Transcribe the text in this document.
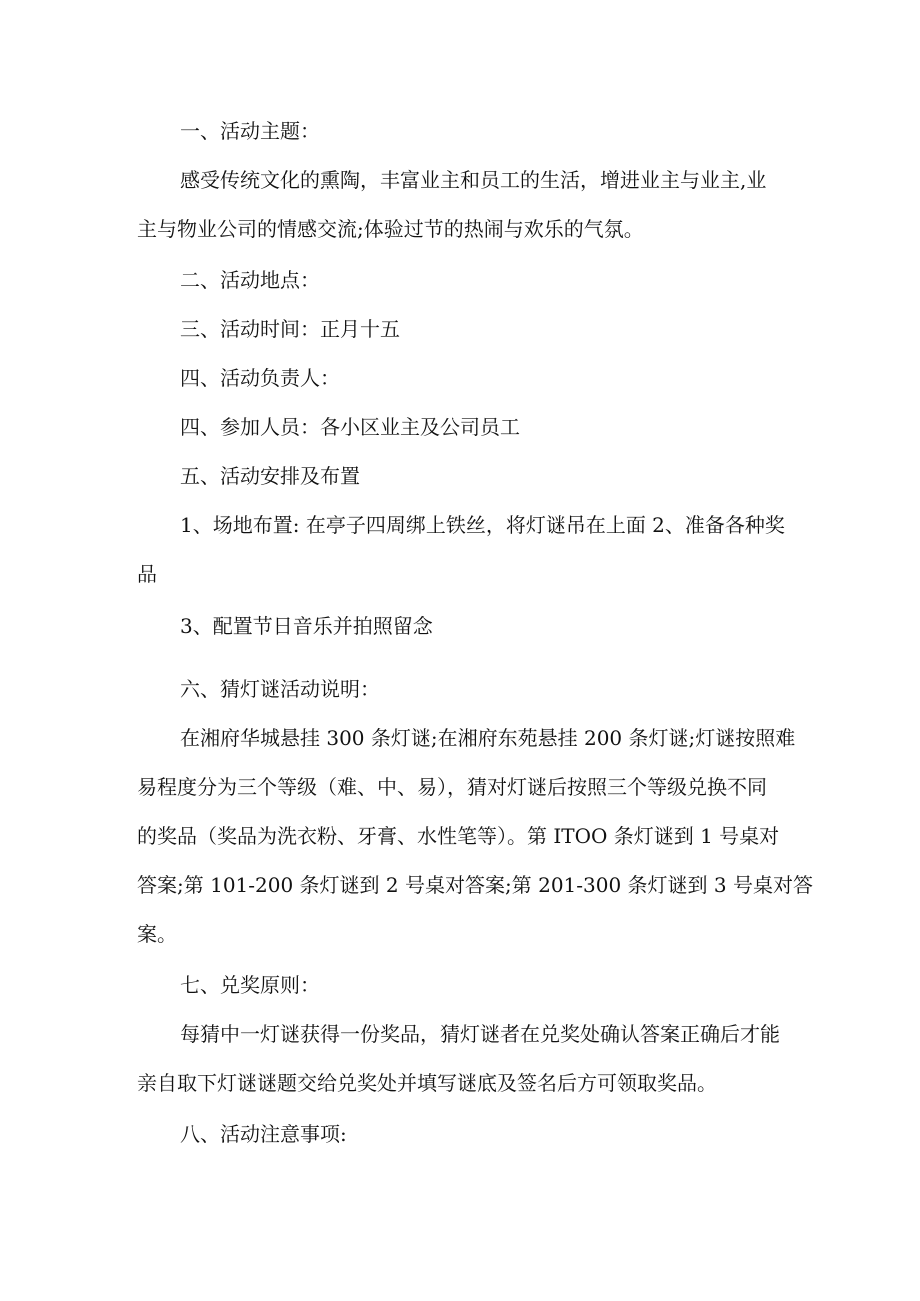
一、活动主题：
感受传统文化的熏陶，丰富业主和员工的生活，增进业主与业主,业
主与物业公司的情感交流;体验过节的热闹与欢乐的气氛。
二、活动地点：
三、活动时间：正月十五
四、活动负责人：
四、参加人员：各小区业主及公司员工
五、活动安排及布置
1、场地布置: 在亭子四周绑上铁丝，将灯谜吊在上面 2、准备各种奖
品
3、配置节日音乐并拍照留念
六、猜灯谜活动说明：
在湘府华城悬挂 300 条灯谜;在湘府东苑悬挂 200 条灯谜;灯谜按照难
易程度分为三个等级（难、中、易），猜对灯谜后按照三个等级兑换不同
的奖品（奖品为洗衣粉、牙膏、水性笔等）。第 ITOO 条灯谜到 1 号桌对
答案;第 101-200 条灯谜到 2 号桌对答案;第 201-300 条灯谜到 3 号桌对答
案。
七、兑奖原则：
每猜中一灯谜获得一份奖品，猜灯谜者在兑奖处确认答案正确后才能
亲自取下灯谜谜题交给兑奖处并填写谜底及签名后方可领取奖品。
八、活动注意事项:
